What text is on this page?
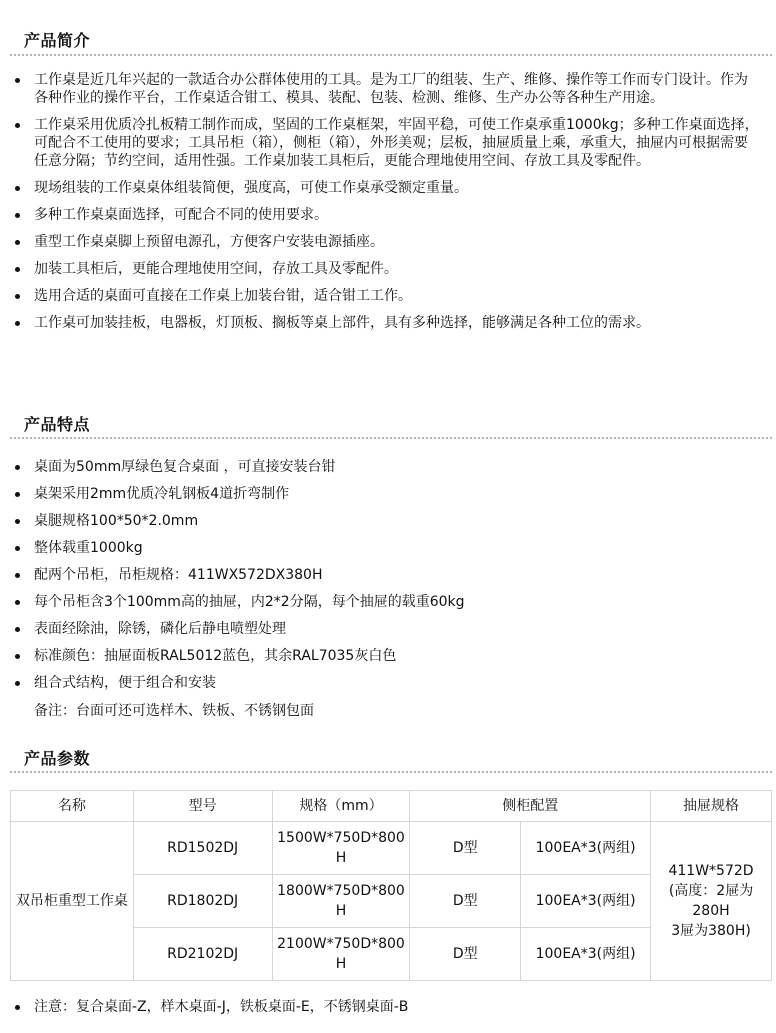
产品简介
工作桌是近几年兴起的一款适合办公群体使用的工具。是为工厂的组装、生产、维修、操作等工作而专门设计。作为各种作业的操作平台，工作桌适合钳工、模具、装配、包装、检测、维修、生产办公等各种生产用途。
工作桌采用优质冷扎板精工制作而成，坚固的工作桌框架，牢固平稳，可使工作桌承重1000kg；多种工作桌面选择，可配合不工使用的要求；工具吊柜（箱），侧柜（箱），外形美观；层板，抽屉质量上乘，承重大，抽屉内可根据需要任意分隔；节约空间，适用性强。工作桌加装工具柜后，更能合理地使用空间、存放工具及零配件。
现场组装的工作桌桌体组装简便，强度高，可使工作桌承受额定重量。
多种工作桌桌面选择，可配合不同的使用要求。
重型工作桌桌脚上预留电源孔，方便客户安装电源插座。
加装工具柜后，更能合理地使用空间，存放工具及零配件。
选用合适的桌面可直接在工作桌上加装台钳，适合钳工工作。
工作桌可加装挂板，电器板，灯顶板、搁板等桌上部件，具有多种选择，能够满足各种工位的需求。
产品特点
桌面为50mm厚绿色复合桌面 ，可直接安装台钳
桌架采用2mm优质冷轧钢板4道折弯制作
桌腿规格100*50*2.0mm
整体载重1000kg
配两个吊柜，吊柜规格：411WX572DX380H
每个吊柜含3个100mm高的抽屉，内2*2分隔，每个抽屉的载重60kg
表面经除油，除锈，磷化后静电喷塑处理
标准颜色：抽屉面板RAL5012蓝色，其余RAL7035灰白色
组合式结构，便于组合和安装
备注：台面可还可选样木、铁板、不锈钢包面
产品参数
名称	型号	规格（mm）	侧柜配置		抽屉规格
双吊柜重型工作桌	RD1502DJ	1500W*750D*800H	D型	100EA*3(两组)	411W*572D
(高度：2屉为280H
3屉为380H)
	RD1802DJ	1800W*750D*800H	D型	100EA*3(两组)	
	RD2102DJ	2100W*750D*800H	D型	100EA*3(两组)	
注意：复合桌面-Z，样木桌面-J，铁板桌面-E，不锈钢桌面-B
